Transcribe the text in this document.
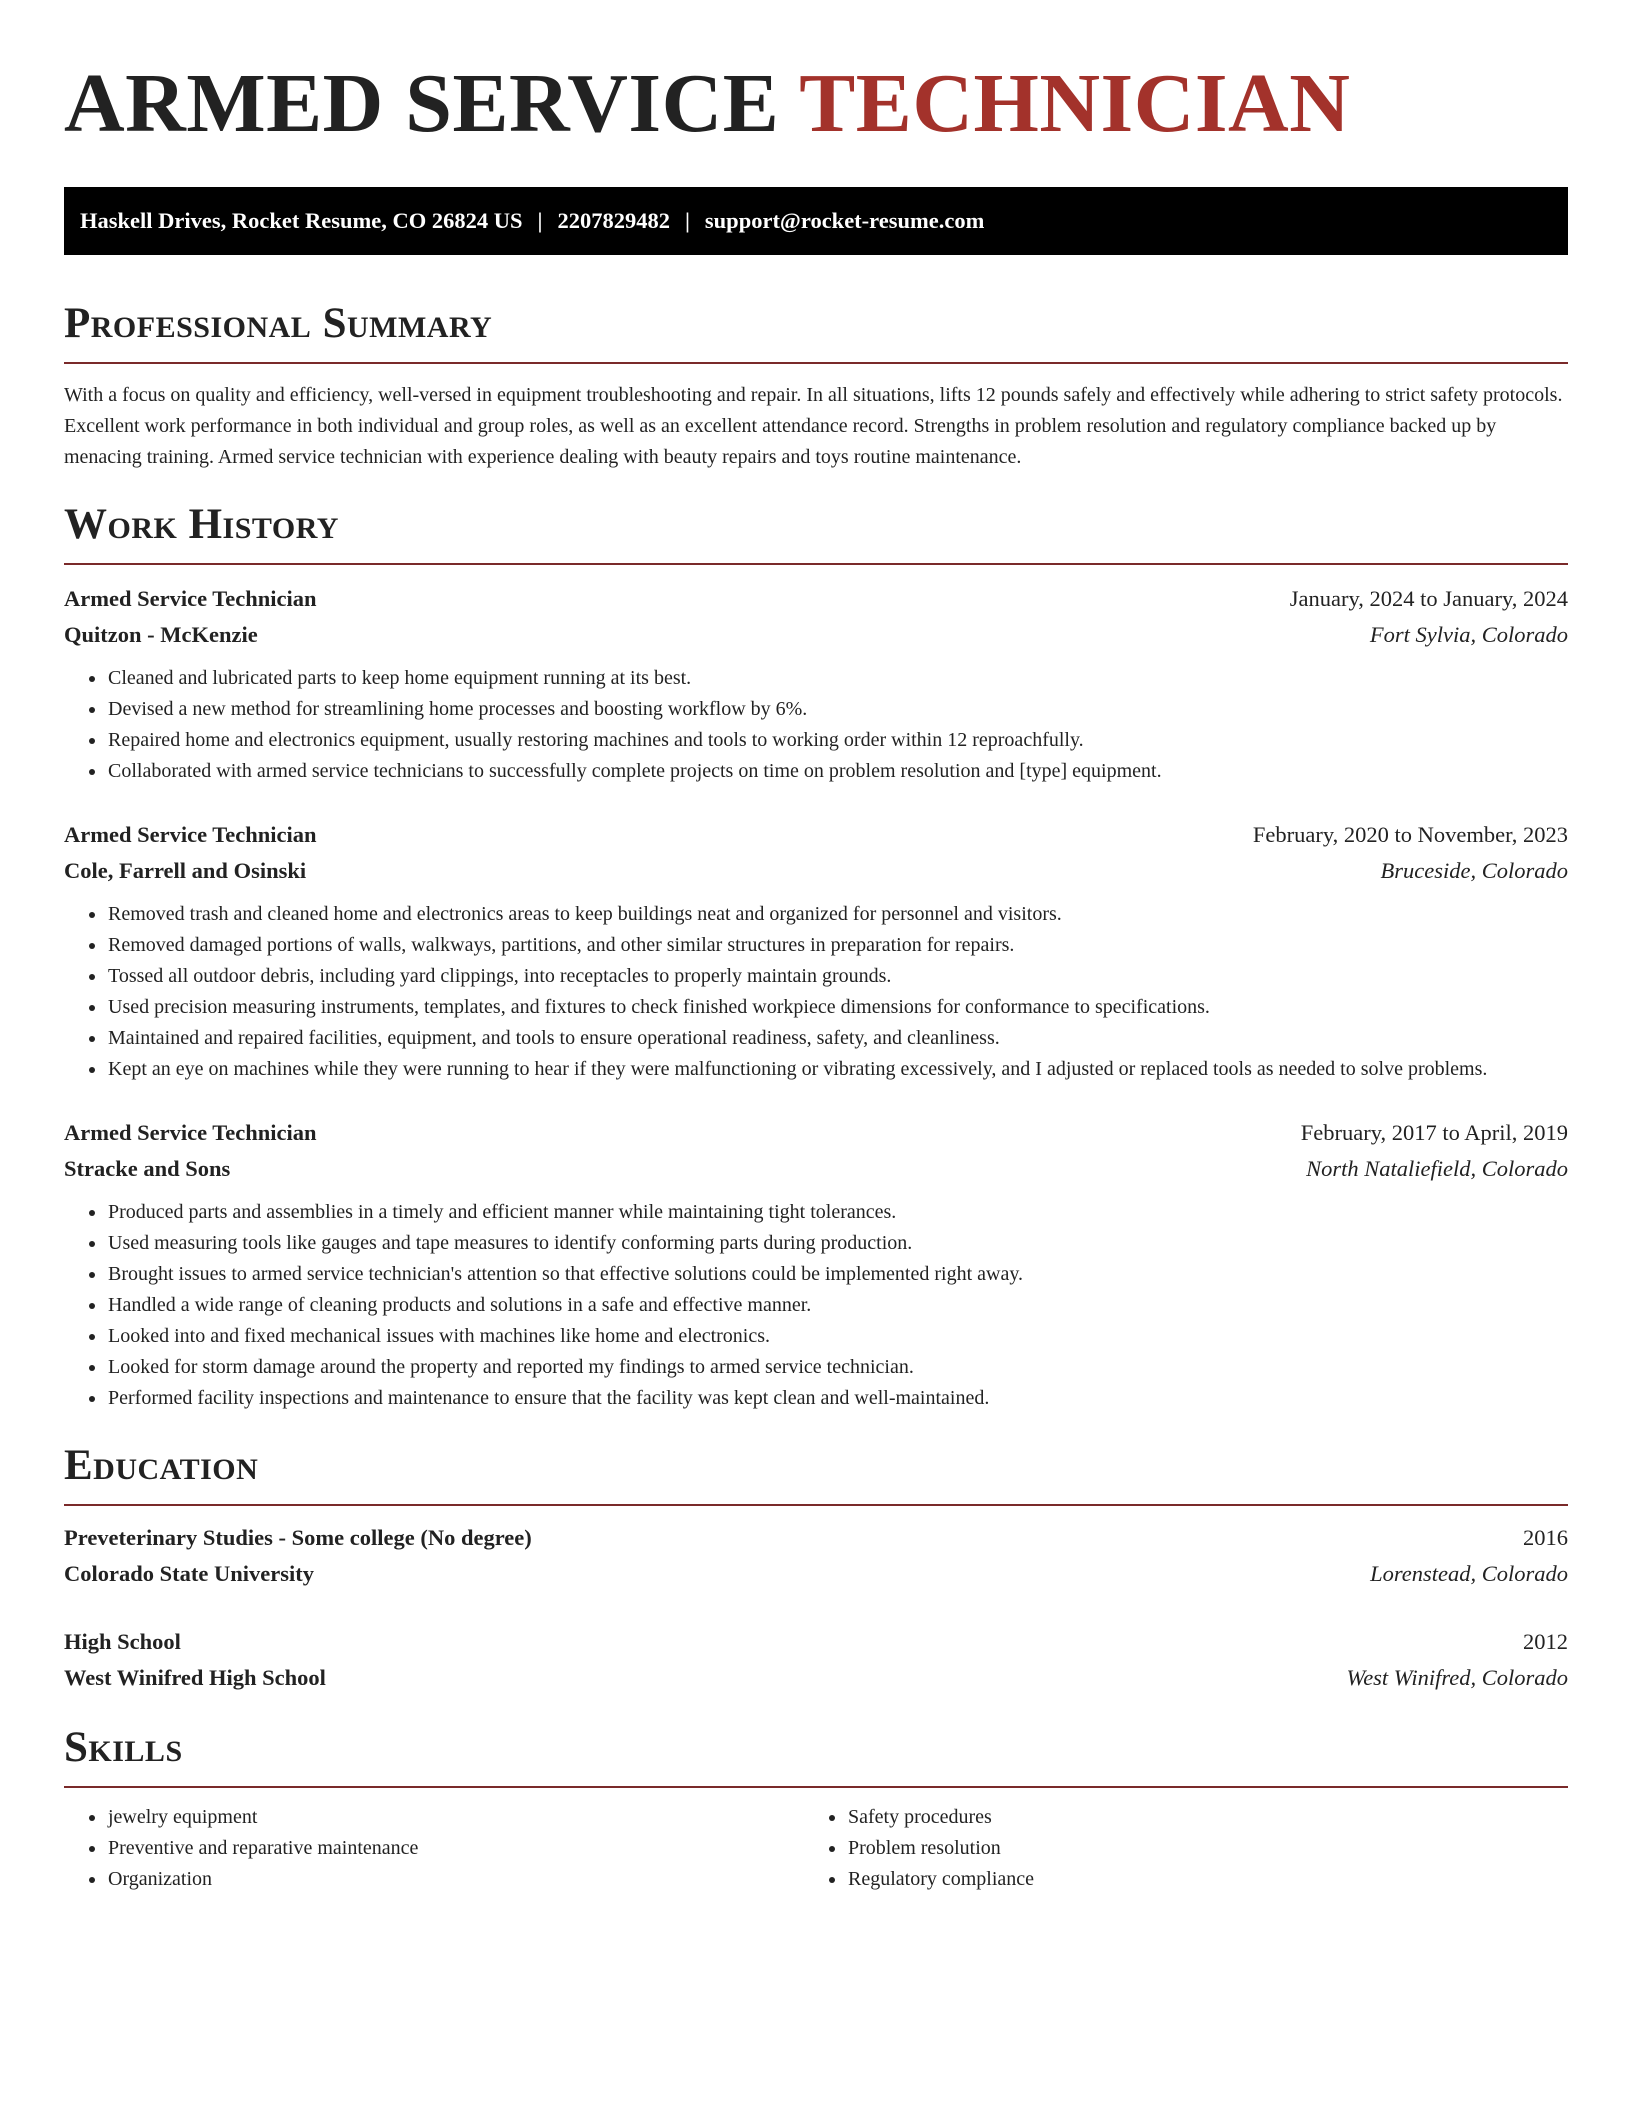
ARMED SERVICE TECHNICIAN
Haskell Drives, Rocket Resume, CO 26824 US | 2207829482 | support@rocket-resume.com
Professional Summary

With a focus on quality and efficiency, well-versed in equipment troubleshooting and repair. In all situations, lifts 12 pounds safely and effectively while adhering to strict safety protocols. Excellent work performance in both individual and group roles, as well as an excellent attendance record. Strengths in problem resolution and regulatory compliance backed up by menacing training. Armed service technician with experience dealing with beauty repairs and toys routine maintenance.

Work History
Armed Service Technician	January, 2024 to January, 2024
Quitzon - McKenzie	Fort Sylvia, Colorado
• Cleaned and lubricated parts to keep home equipment running at its best.
• Devised a new method for streamlining home processes and boosting workflow by 6%.
• Repaired home and electronics equipment, usually restoring machines and tools to working order within 12 reproachfully.
• Collaborated with armed service technicians to successfully complete projects on time on problem resolution and [type] equipment.
Armed Service Technician	February, 2020 to November, 2023
Cole, Farrell and Osinski	Bruceside, Colorado
• Removed trash and cleaned home and electronics areas to keep buildings neat and organized for personnel and visitors.
• Removed damaged portions of walls, walkways, partitions, and other similar structures in preparation for repairs.
• Tossed all outdoor debris, including yard clippings, into receptacles to properly maintain grounds.
• Used precision measuring instruments, templates, and fixtures to check finished workpiece dimensions for conformance to specifications.
• Maintained and repaired facilities, equipment, and tools to ensure operational readiness, safety, and cleanliness.
• Kept an eye on machines while they were running to hear if they were malfunctioning or vibrating excessively, and I adjusted or replaced tools as needed to solve problems.
Armed Service Technician	February, 2017 to April, 2019
Stracke and Sons	North Nataliefield, Colorado
• Produced parts and assemblies in a timely and efficient manner while maintaining tight tolerances.
• Used measuring tools like gauges and tape measures to identify conforming parts during production.
• Brought issues to armed service technician's attention so that effective solutions could be implemented right away.
• Handled a wide range of cleaning products and solutions in a safe and effective manner.
• Looked into and fixed mechanical issues with machines like home and electronics.
• Looked for storm damage around the property and reported my findings to armed service technician.
• Performed facility inspections and maintenance to ensure that the facility was kept clean and well-maintained.
Education
Preveterinary Studies - Some college (No degree)	2016
Colorado State University	Lorenstead, Colorado
High School	2012
West Winifred High School	West Winifred, Colorado
Skills
• jewelry equipment
• Preventive and reparative maintenance
• Organization
• Safety procedures
• Problem resolution
• Regulatory compliance
